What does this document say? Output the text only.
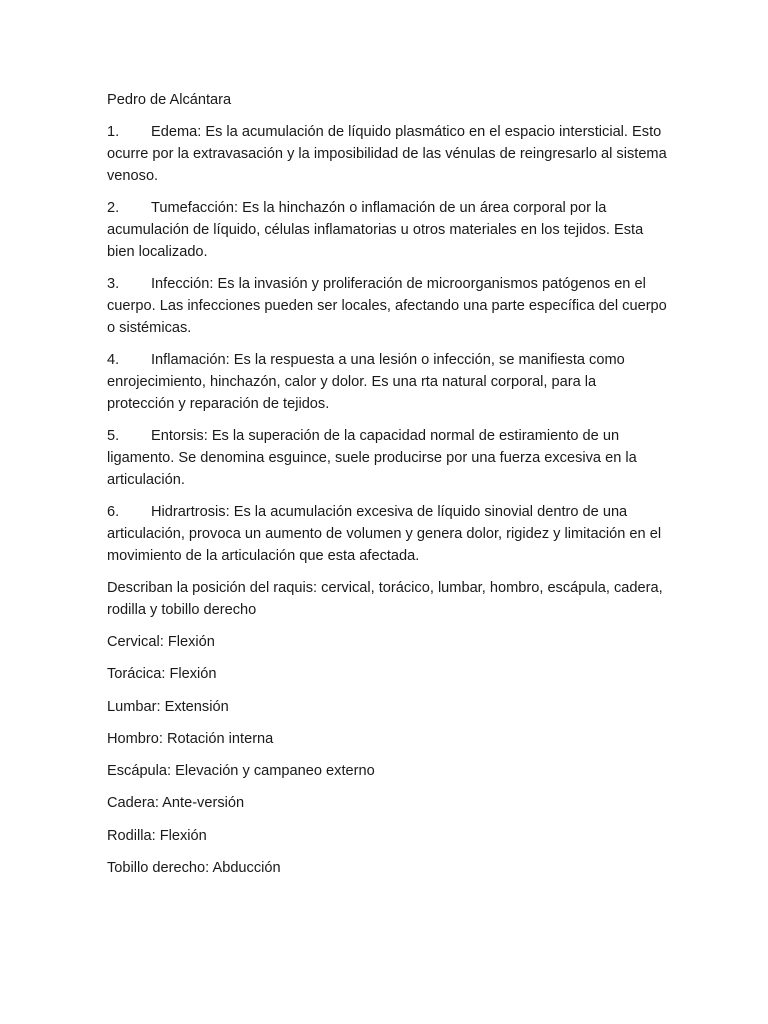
Pedro de Alcántara
1. Edema: Es la acumulación de líquido plasmático en el espacio intersticial. Esto ocurre por la extravasación y la imposibilidad de las vénulas de reingresarlo al sistema venoso.
2. Tumefacción: Es la hinchazón o inflamación de un área corporal por la acumulación de líquido, células inflamatorias u otros materiales en los tejidos. Esta bien localizado.
3. Infección: Es la invasión y proliferación de microorganismos patógenos en el cuerpo. Las infecciones pueden ser locales, afectando una parte específica del cuerpo o sistémicas.
4. Inflamación: Es la respuesta a una lesión o infección, se manifiesta como enrojecimiento, hinchazón, calor y dolor. Es una rta natural corporal, para la protección y reparación de tejidos.
5. Entorsis: Es la superación de la capacidad normal de estiramiento de un ligamento. Se denomina esguince, suele producirse por una fuerza excesiva en la articulación.
6. Hidrartrosis: Es la acumulación excesiva de líquido sinovial dentro de una articulación, provoca un aumento de volumen y genera dolor, rigidez y limitación en el movimiento de la articulación que esta afectada.
Describan la posición del raquis: cervical, torácico, lumbar, hombro, escápula, cadera, rodilla y tobillo derecho
Cervical: Flexión
Torácica: Flexión
Lumbar: Extensión
Hombro: Rotación interna
Escápula: Elevación y campaneo externo
Cadera: Ante-versión
Rodilla: Flexión
Tobillo derecho: Abducción
